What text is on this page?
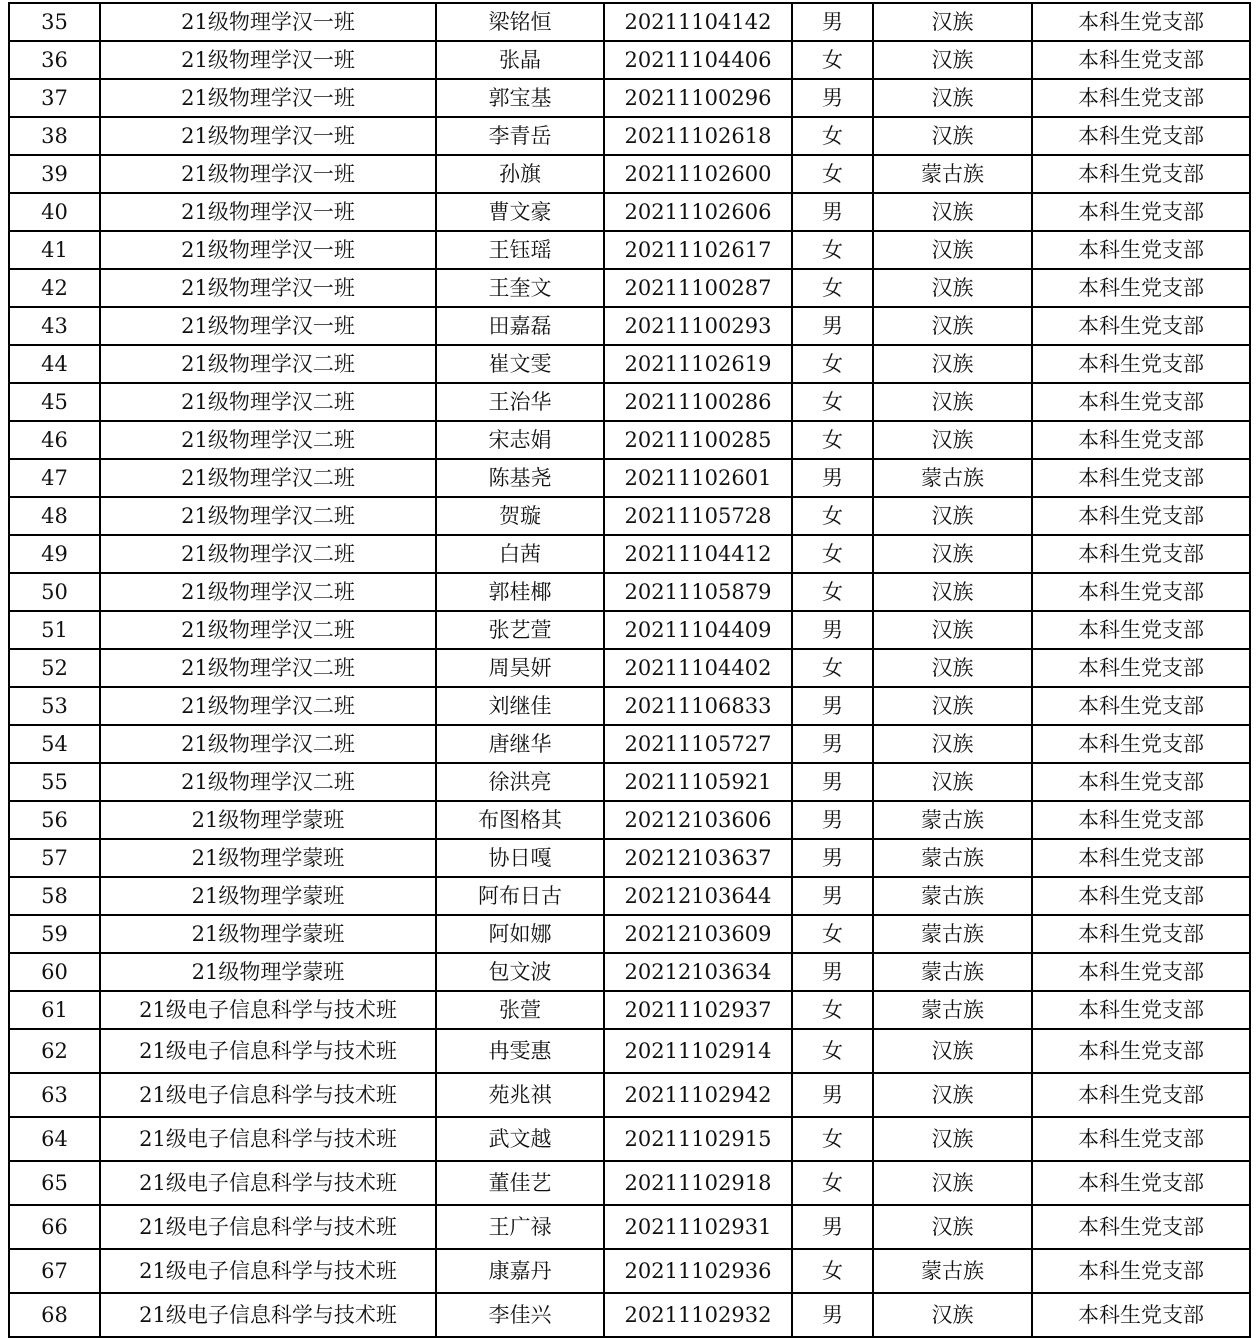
35	21级物理学汉一班	梁铭恒	20211104142	男	汉族	本科生党支部
36	21级物理学汉一班	张晶	20211104406	女	汉族	本科生党支部
37	21级物理学汉一班	郭宝基	20211100296	男	汉族	本科生党支部
38	21级物理学汉一班	李青岳	20211102618	女	汉族	本科生党支部
39	21级物理学汉一班	孙旗	20211102600	女	蒙古族	本科生党支部
40	21级物理学汉一班	曹文豪	20211102606	男	汉族	本科生党支部
41	21级物理学汉一班	王钰瑶	20211102617	女	汉族	本科生党支部
42	21级物理学汉一班	王奎文	20211100287	女	汉族	本科生党支部
43	21级物理学汉一班	田嘉磊	20211100293	男	汉族	本科生党支部
44	21级物理学汉二班	崔文雯	20211102619	女	汉族	本科生党支部
45	21级物理学汉二班	王治华	20211100286	女	汉族	本科生党支部
46	21级物理学汉二班	宋志娟	20211100285	女	汉族	本科生党支部
47	21级物理学汉二班	陈基尧	20211102601	男	蒙古族	本科生党支部
48	21级物理学汉二班	贺璇	20211105728	女	汉族	本科生党支部
49	21级物理学汉二班	白茜	20211104412	女	汉族	本科生党支部
50	21级物理学汉二班	郭桂椰	20211105879	女	汉族	本科生党支部
51	21级物理学汉二班	张艺萱	20211104409	男	汉族	本科生党支部
52	21级物理学汉二班	周昊妍	20211104402	女	汉族	本科生党支部
53	21级物理学汉二班	刘继佳	20211106833	男	汉族	本科生党支部
54	21级物理学汉二班	唐继华	20211105727	男	汉族	本科生党支部
55	21级物理学汉二班	徐洪亮	20211105921	男	汉族	本科生党支部
56	21级物理学蒙班	布图格其	20212103606	男	蒙古族	本科生党支部
57	21级物理学蒙班	协日嘎	20212103637	男	蒙古族	本科生党支部
58	21级物理学蒙班	阿布日古	20212103644	男	蒙古族	本科生党支部
59	21级物理学蒙班	阿如娜	20212103609	女	蒙古族	本科生党支部
60	21级物理学蒙班	包文波	20212103634	男	蒙古族	本科生党支部
61	21级电子信息科学与技术班	张萱	20211102937	女	蒙古族	本科生党支部
62	21级电子信息科学与技术班	冉雯惠	20211102914	女	汉族	本科生党支部
63	21级电子信息科学与技术班	苑兆祺	20211102942	男	汉族	本科生党支部
64	21级电子信息科学与技术班	武文越	20211102915	女	汉族	本科生党支部
65	21级电子信息科学与技术班	董佳艺	20211102918	女	汉族	本科生党支部
66	21级电子信息科学与技术班	王广禄	20211102931	男	汉族	本科生党支部
67	21级电子信息科学与技术班	康嘉丹	20211102936	女	蒙古族	本科生党支部
68	21级电子信息科学与技术班	李佳兴	20211102932	男	汉族	本科生党支部
